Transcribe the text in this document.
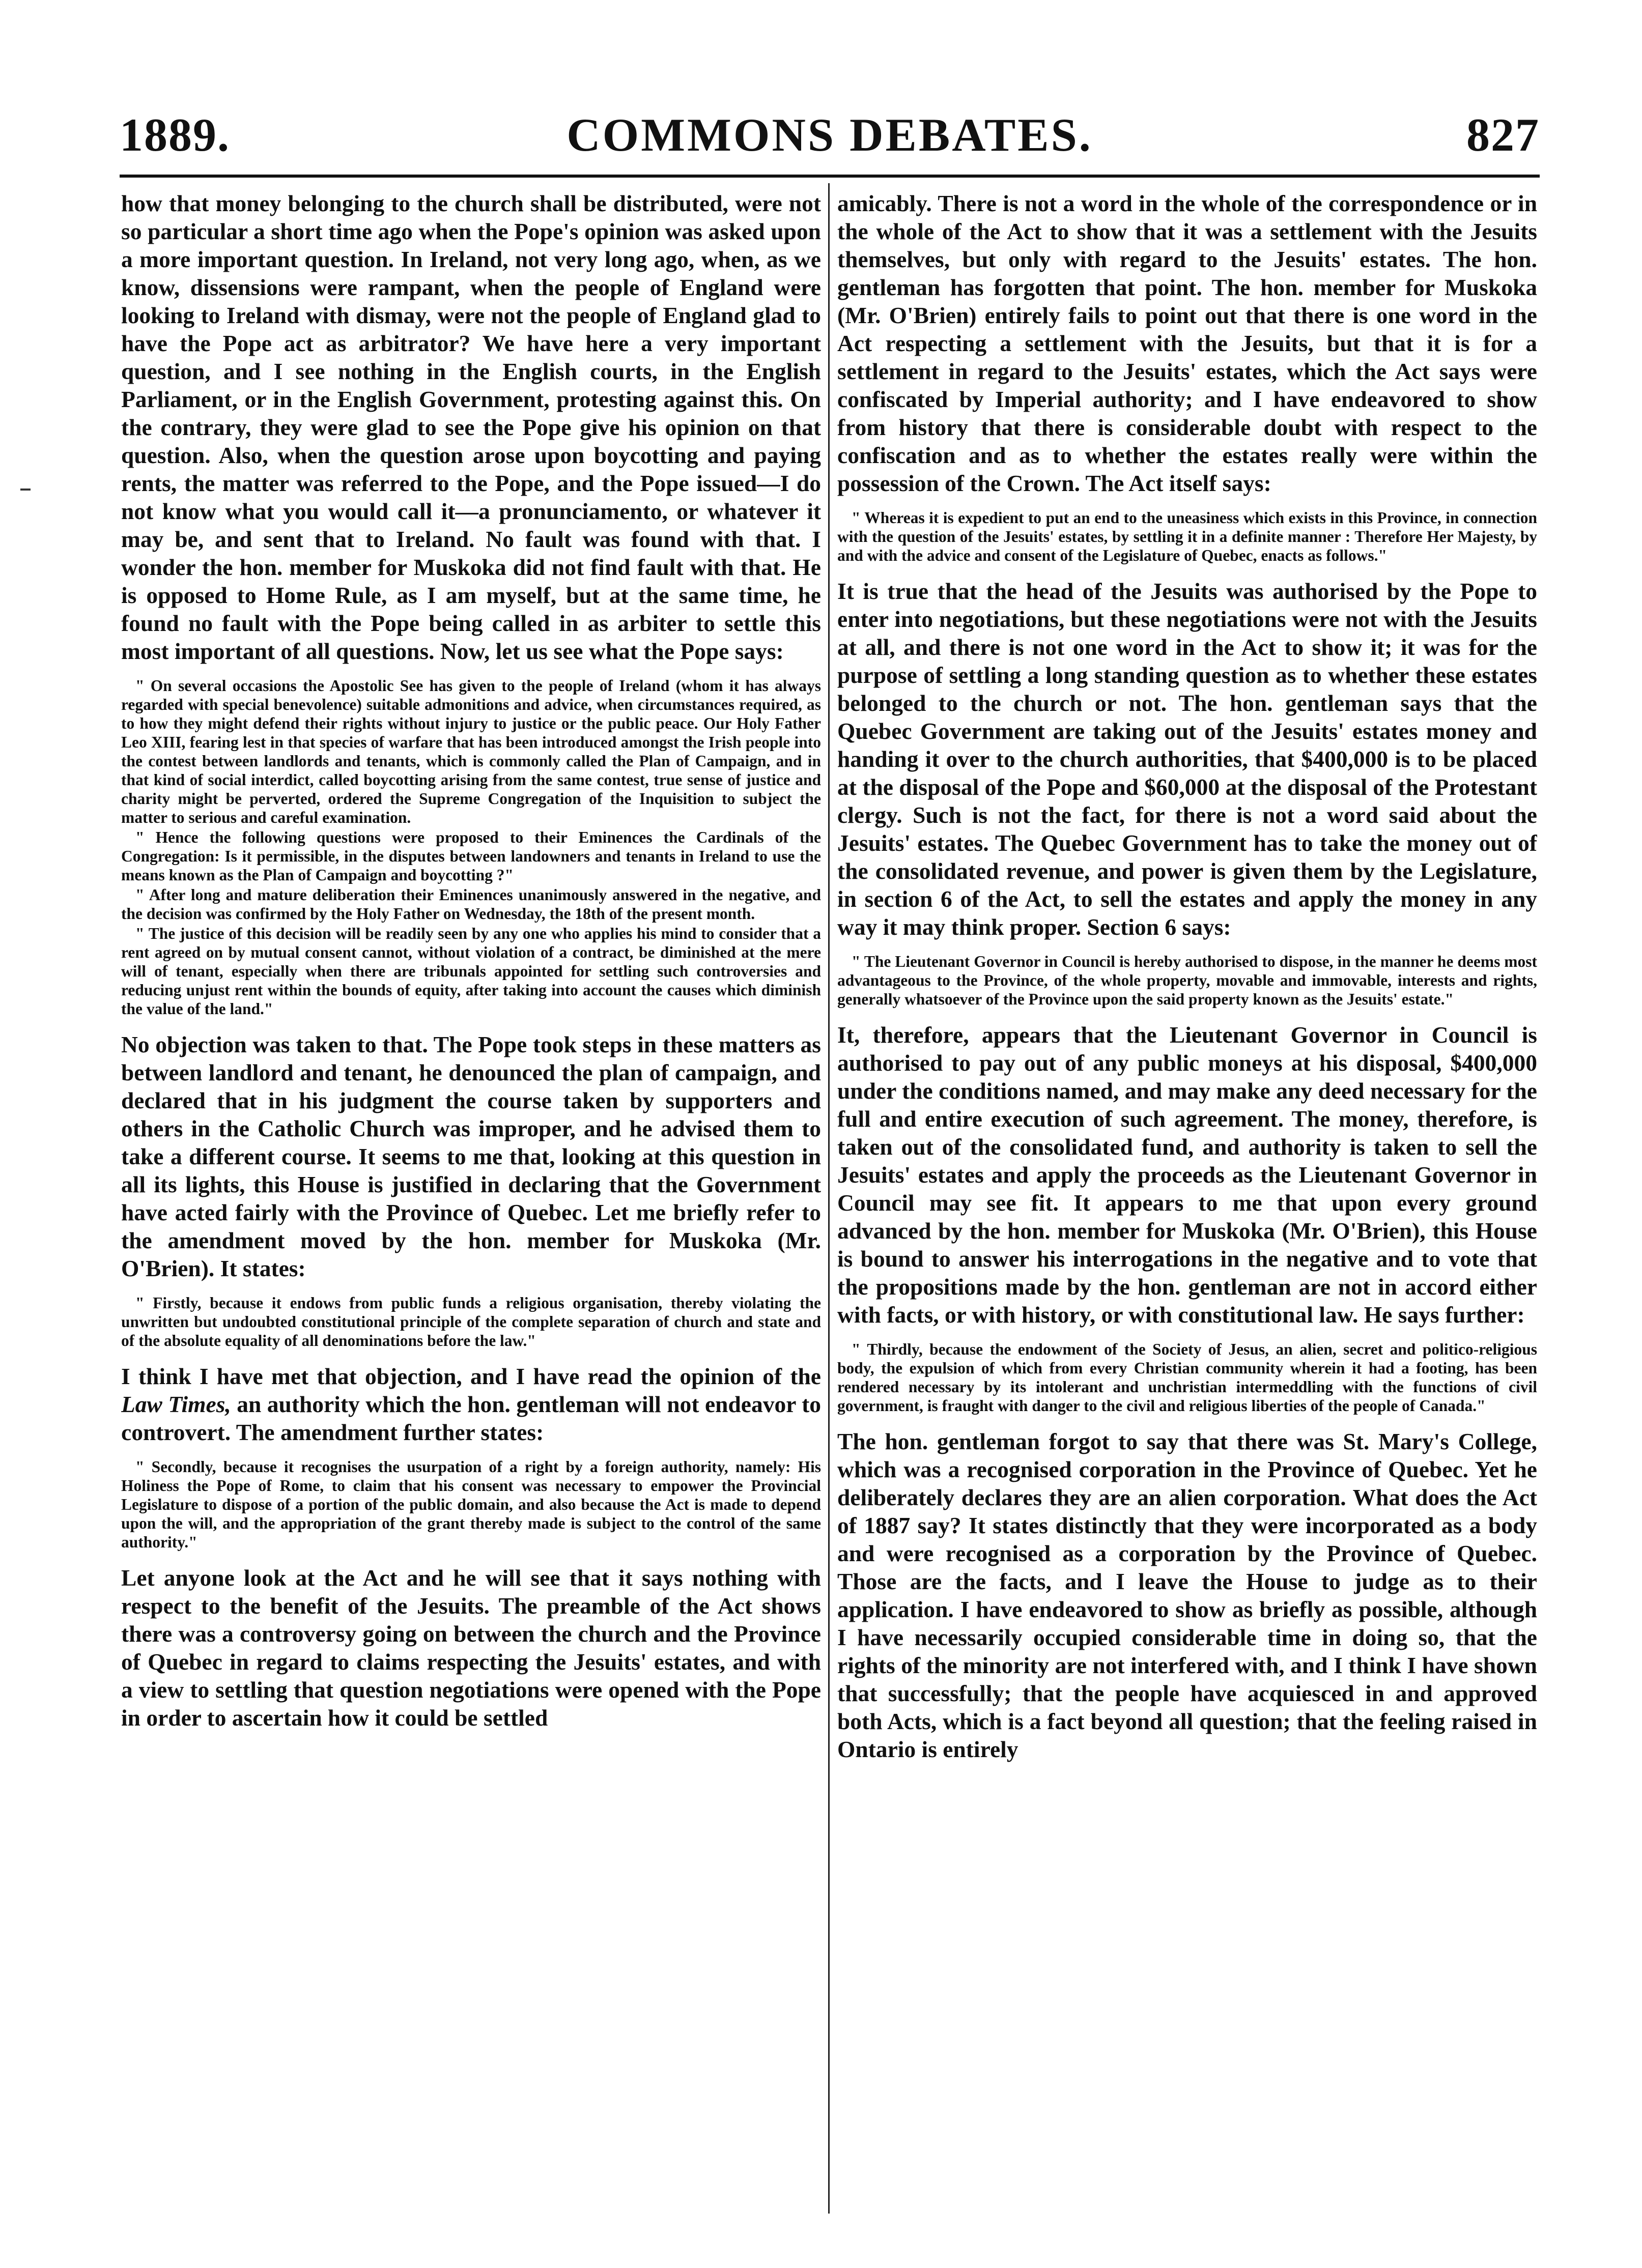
1889.	COMMONS DEBATES.	827

how that money belonging to the church shall be distributed, were not so particular a short time ago when the Pope's opinion was asked upon a more important question. In Ireland, not very long ago, when, as we know, dissensions were rampant, when the people of England were looking to Ireland with dismay, were not the people of England glad to have the Pope act as arbitrator? We have here a very important question, and I see nothing in the English courts, in the English Parliament, or in the English Government, protesting against this. On the contrary, they were glad to see the Pope give his opinion on that question. Also, when the question arose upon boycotting and paying rents, the matter was referred to the Pope, and the Pope issued—I do not know what you would call it—a pronunciamento, or whatever it may be, and sent that to Ireland. No fault was found with that. I wonder the hon. member for Muskoka did not find fault with that. He is opposed to Home Rule, as I am myself, but at the same time, he found no fault with the Pope being called in as arbiter to settle this most important of all questions. Now, let us see what the Pope says:

" On several occasions the Apostolic See has given to the people of Ireland (whom it has always regarded with special benevolence) suitable admonitions and advice, when circumstances required, as to how they might defend their rights without injury to justice or the public peace. Our Holy Father Leo XIII, fearing lest in that species of warfare that has been introduced amongst the Irish people into the contest between landlords and tenants, which is commonly called the Plan of Campaign, and in that kind of social interdict, called boycotting arising from the same contest, true sense of justice and charity might be perverted, ordered the Supreme Congregation of the Inquisition to subject the matter to serious and careful examination.

" Hence the following questions were proposed to their Eminences the Cardinals of the Congregation: Is it permissible, in the disputes between landowners and tenants in Ireland to use the means known as the Plan of Campaign and boycotting ?"

" After long and mature deliberation their Eminences unanimously answered in the negative, and the decision was confirmed by the Holy Father on Wednesday, the 18th of the present month.

" The justice of this decision will be readily seen by any one who applies his mind to consider that a rent agreed on by mutual consent cannot, without violation of a contract, be diminished at the mere will of tenant, especially when there are tribunals appointed for settling such controversies and reducing unjust rent within the bounds of equity, after taking into account the causes which diminish the value of the land."

No objection was taken to that. The Pope took steps in these matters as between landlord and tenant, he denounced the plan of campaign, and declared that in his judgment the course taken by supporters and others in the Catholic Church was improper, and he advised them to take a different course. It seems to me that, looking at this question in all its lights, this House is justified in declaring that the Government have acted fairly with the Province of Quebec. Let me briefly refer to the amendment moved by the hon. member for Muskoka (Mr. O'Brien). It states:

" Firstly, because it endows from public funds a religious organisation, thereby violating the unwritten but undoubted constitutional principle of the complete separation of church and state and of the absolute equality of all denominations before the law."

I think I have met that objection, and I have read the opinion of the Law Times, an authority which the hon. gentleman will not endeavor to controvert. The amendment further states:

" Secondly, because it recognises the usurpation of a right by a foreign authority, namely: His Holiness the Pope of Rome, to claim that his consent was necessary to empower the Provincial Legislature to dispose of a portion of the public domain, and also because the Act is made to depend upon the will, and the appropriation of the grant thereby made is subject to the control of the same authority."

Let anyone look at the Act and he will see that it says nothing with respect to the benefit of the Jesuits. The preamble of the Act shows there was a controversy going on between the church and the Province of Quebec in regard to claims respecting the Jesuits' estates, and with a view to settling that question negotiations were opened with the Pope in order to ascertain how it could be settled

amicably. There is not a word in the whole of the correspondence or in the whole of the Act to show that it was a settlement with the Jesuits themselves, but only with regard to the Jesuits' estates. The hon. gentleman has forgotten that point. The hon. member for Muskoka (Mr. O'Brien) entirely fails to point out that there is one word in the Act respecting a settlement with the Jesuits, but that it is for a settlement in regard to the Jesuits' estates, which the Act says were confiscated by Imperial authority; and I have endeavored to show from history that there is considerable doubt with respect to the confiscation and as to whether the estates really were within the possession of the Crown. The Act itself says:

" Whereas it is expedient to put an end to the uneasiness which exists in this Province, in connection with the question of the Jesuits' estates, by settling it in a definite manner : Therefore Her Majesty, by and with the advice and consent of the Legislature of Quebec, enacts as follows."

It is true that the head of the Jesuits was authorised by the Pope to enter into negotiations, but these negotiations were not with the Jesuits at all, and there is not one word in the Act to show it; it was for the purpose of settling a long standing question as to whether these estates belonged to the church or not. The hon. gentleman says that the Quebec Government are taking out of the Jesuits' estates money and handing it over to the church authorities, that $400,000 is to be placed at the disposal of the Pope and $60,000 at the disposal of the Protestant clergy. Such is not the fact, for there is not a word said about the Jesuits' estates. The Quebec Government has to take the money out of the consolidated revenue, and power is given them by the Legislature, in section 6 of the Act, to sell the estates and apply the money in any way it may think proper. Section 6 says:

" The Lieutenant Governor in Council is hereby authorised to dispose, in the manner he deems most advantageous to the Province, of the whole property, movable and immovable, interests and rights, generally whatsoever of the Province upon the said property known as the Jesuits' estate."

It, therefore, appears that the Lieutenant Governor in Council is authorised to pay out of any public moneys at his disposal, $400,000 under the conditions named, and may make any deed necessary for the full and entire execution of such agreement. The money, therefore, is taken out of the consolidated fund, and authority is taken to sell the Jesuits' estates and apply the proceeds as the Lieutenant Governor in Council may see fit. It appears to me that upon every ground advanced by the hon. member for Muskoka (Mr. O'Brien), this House is bound to answer his interrogations in the negative and to vote that the propositions made by the hon. gentleman are not in accord either with facts, or with history, or with constitutional law. He says further:

" Thirdly, because the endowment of the Society of Jesus, an alien, secret and politico-religious body, the expulsion of which from every Christian community wherein it had a footing, has been rendered necessary by its intolerant and unchristian intermeddling with the functions of civil government, is fraught with danger to the civil and religious liberties of the people of Canada."

The hon. gentleman forgot to say that there was St. Mary's College, which was a recognised corporation in the Province of Quebec. Yet he deliberately declares they are an alien corporation. What does the Act of 1887 say? It states distinctly that they were incorporated as a body and were recognised as a corporation by the Province of Quebec. Those are the facts, and I leave the House to judge as to their application. I have endeavored to show as briefly as possible, although I have necessarily occupied considerable time in doing so, that the rights of the minority are not interfered with, and I think I have shown that successfully; that the people have acquiesced in and approved both Acts, which is a fact beyond all question; that the feeling raised in Ontario is entirely
